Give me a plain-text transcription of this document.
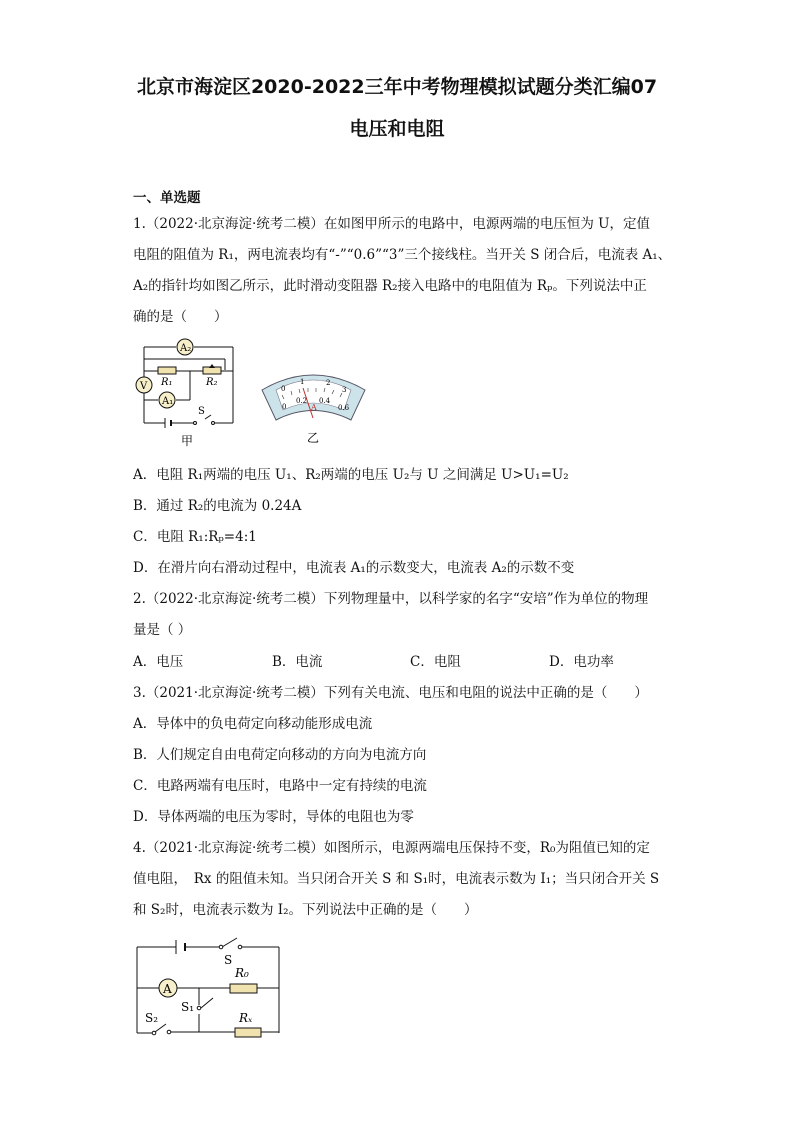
北京市海淀区2020-2022三年中考物理模拟试题分类汇编07
电压和电阻
一、单选题
1.（2022·北京海淀·统考二模）在如图甲所示的电路中，电源两端的电压恒为 U，定值
电阻的阻值为 R₁，两电流表均有“-”“0.6”“3”三个接线柱。当开关 S 闭合后，电流表 A₁、
A₂的指针均如图乙所示，此时滑动变阻器 R₂接入电路中的电阻值为 Rₚ。下列说法中正
确的是（　　）
A₂
V
A₁
R₁	R₂
S
甲
0
1	2
3
0
0.2 0.4
0.6
A
乙
A．电阻 R₁两端的电压 U₁、R₂两端的电压 U₂与 U 之间满足 U>U₁=U₂
B．通过 R₂的电流为 0.24A
C．电阻 R₁:Rₚ=4:1
D．在滑片向右滑动过程中，电流表 A₁的示数变大，电流表 A₂的示数不变
2.（2022·北京海淀·统考二模）下列物理量中，以科学家的名字“安培”作为单位的物理
量是（ ）
A．电压	B．电流	C．电阻	D．电功率
3.（2021·北京海淀·统考二模）下列有关电流、电压和电阻的说法中正确的是（　　）
A．导体中的负电荷定向移动能形成电流
B．人们规定自由电荷定向移动的方向为电流方向
C．电路两端有电压时，电路中一定有持续的电流
D．导体两端的电压为零时，导体的电阻也为零
4.（2021·北京海淀·统考二模）如图所示，电源两端电压保持不变，R₀为阻值已知的定
值电阻，　Rx 的阻值未知。当只闭合开关 S 和 S₁时，电流表示数为 I₁；当只闭合开关 S
和 S₂时，电流表示数为 I₂。下列说法中正确的是（　　）
S
A
R₀
S₁
S₂	Rₓ
